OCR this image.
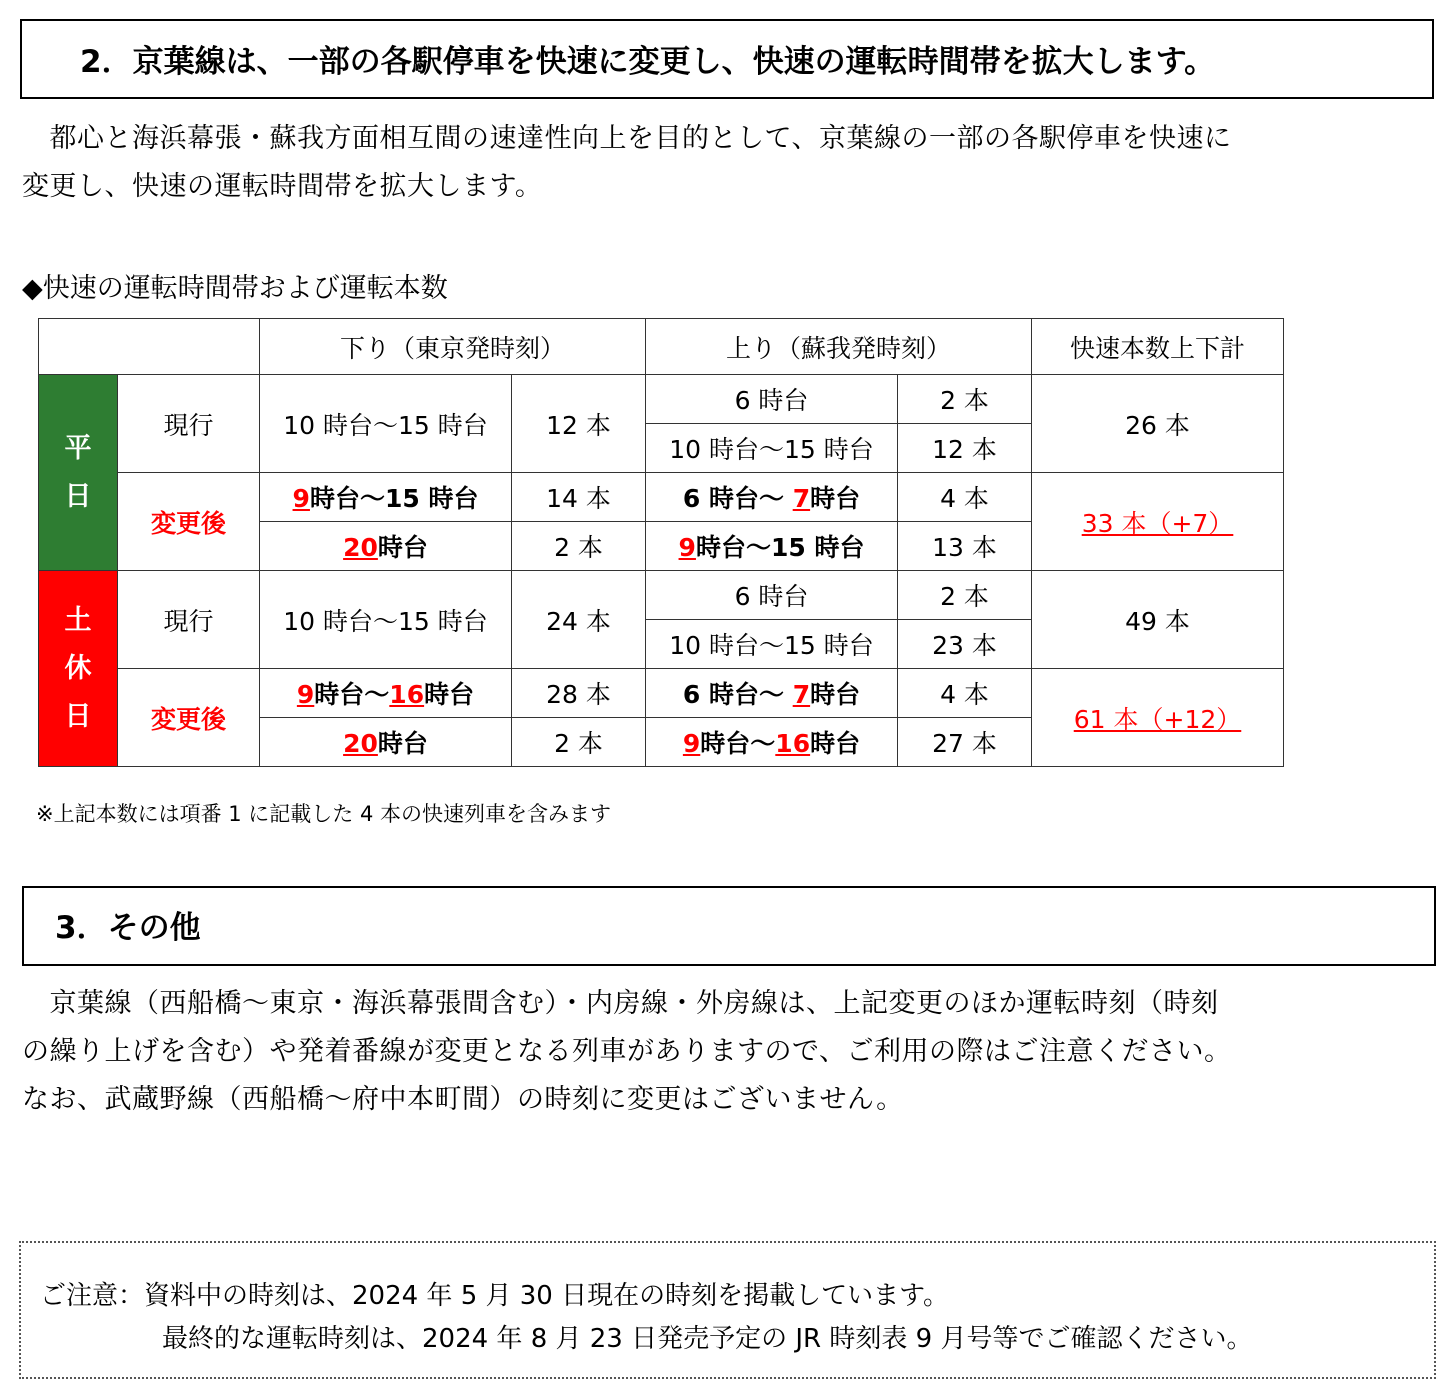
2．京葉線は、一部の各駅停車を快速に変更し、快速の運転時間帯を拡大します。

　都心と海浜幕張・蘇我方面相互間の速達性向上を目的として、京葉線の一部の各駅停車を快速に

変更し、快速の運転時間帯を拡大します。

◆快速の運転時間帯および運転本数
		下り（東京発時刻）		上り（蘇我発時刻）		快速本数上下計

平
日	現行	10 時台～15 時台	12 本	6 時台	2 本	26 本
				10 時台～15 時台	12 本	
	変更後	9時台～15 時台	14 本	6 時台～ 7時台	4 本	33 本（+7）
		20時台	2 本	9時台～15 時台	13 本	

土
休
日	現行	10 時台～15 時台	24 本	6 時台	2 本	49 本
				10 時台～15 時台	23 本	
	変更後	9時台～16時台	28 本	6 時台～ 7時台	4 本	61 本（+12）
		20時台	2 本	9時台～16時台	27 本	
※上記本数には項番 1 に記載した 4 本の快速列車を含みます
3．その他

　京葉線（西船橋～東京・海浜幕張間含む）・内房線・外房線は、上記変更のほか運転時刻（時刻

の繰り上げを含む）や発着番線が変更となる列車がありますので、ご利用の際はご注意ください。

なお、武蔵野線（西船橋～府中本町間）の時刻に変更はございません。

ご注意：資料中の時刻は、2024 年 5 月 30 日現在の時刻を掲載しています。
最終的な運転時刻は、2024 年 8 月 23 日発売予定の JR 時刻表 9 月号等でご確認ください。
